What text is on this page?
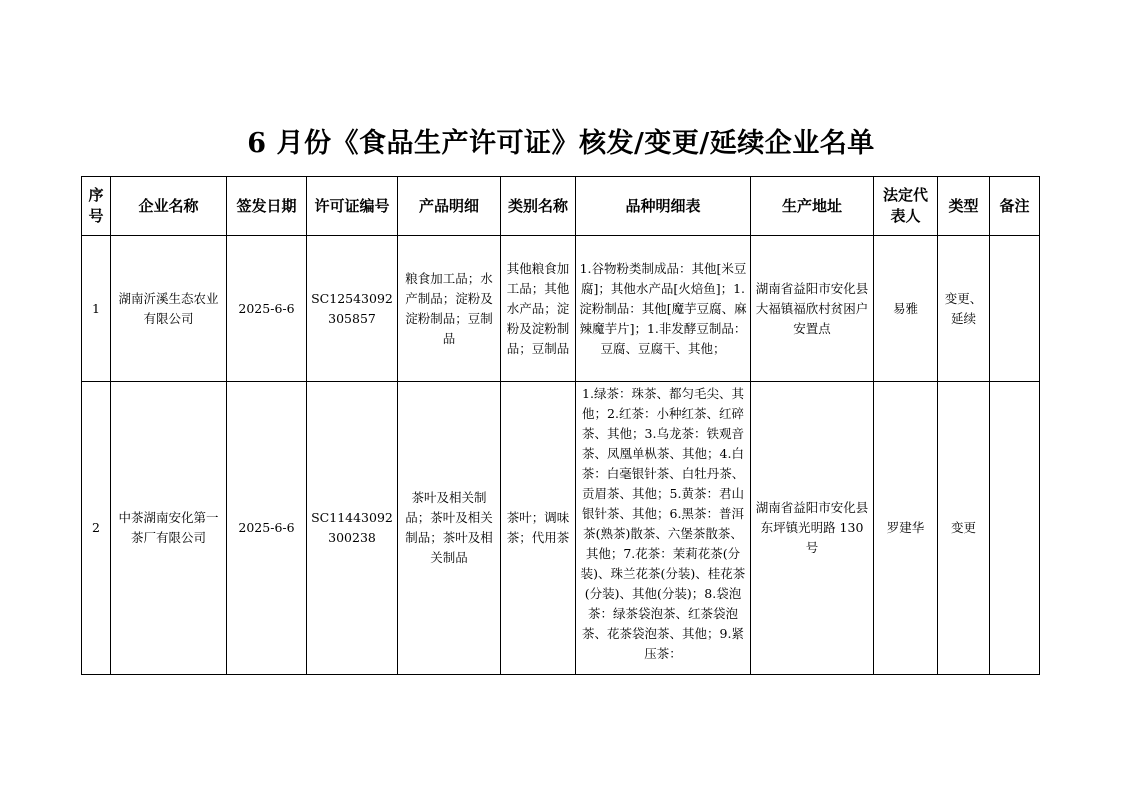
6 月份《食品生产许可证》核发/变更/延续企业名单
序号	企业名称	签发日期	许可证编号	产品明细	类别名称	品种明细表	生产地址	法定代表人	类型	备注
1	湖南沂溪生态农业有限公司	2025-6-6	SC12543092305857	粮食加工品；水产制品；淀粉及淀粉制品；豆制品	其他粮食加工品；其他水产品；淀粉及淀粉制品；豆制品	1.谷物粉类制成品：其他[米豆腐]；其他水产品[火焙鱼]；1.淀粉制品：其他[魔芋豆腐、麻辣魔芋片]；1.非发酵豆制品：豆腐、豆腐干、其他；	湖南省益阳市安化县大福镇福欣村贫困户安置点	易雅	变更、延续	
2	中茶湖南安化第一茶厂有限公司	2025-6-6	SC11443092300238	茶叶及相关制品；茶叶及相关制品；茶叶及相关制品	茶叶；调味茶；代用茶	1.绿茶：珠茶、都匀毛尖、其他；2.红茶：小种红茶、红碎茶、其他；3.乌龙茶：铁观音茶、凤凰单枞茶、其他；4.白茶：白毫银针茶、白牡丹茶、贡眉茶、其他；5.黄茶：君山银针茶、其他；6.黑茶：普洱茶(熟茶)散茶、六堡茶散茶、其他；7.花茶：茉莉花茶(分装)、珠兰花茶(分装)、桂花茶(分装)、其他(分装)；8.袋泡茶：绿茶袋泡茶、红茶袋泡茶、花茶袋泡茶、其他；9.紧压茶：	湖南省益阳市安化县东坪镇光明路 130 号	罗建华	变更	
